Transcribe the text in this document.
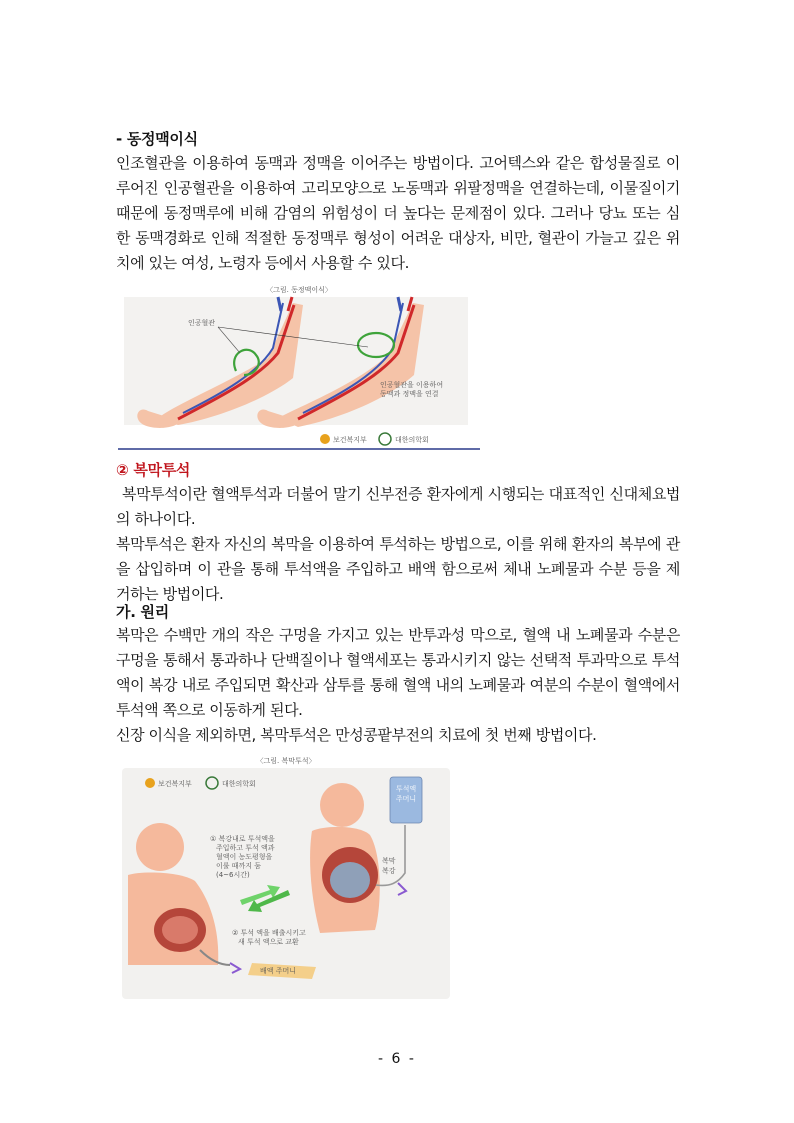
- 동정맥이식

인조혈관을 이용하여 동맥과 정맥을 이어주는 방법이다. 고어텍스와 같은 합성물질로 이루어진 인공혈관을 이용하여 고리모양으로 노동맥과 위팔정맥을 연결하는데, 이물질이기 때문에 동정맥루에 비해 감염의 위험성이 더 높다는 문제점이 있다. 그러나 당뇨 또는 심한 동맥경화로 인해 적절한 동정맥루 형성이 어려운 대상자, 비만, 혈관이 가늘고 깊은 위치에 있는 여성, 노령자 등에서 사용할 수 있다.

〈그림. 동정맥이식〉
인공혈관
인공혈관을 이용하여
동맥과 정맥을 연결
보건복지부	대한의학회
② 복막투석

복막투석이란 혈액투석과 더불어 말기 신부전증 환자에게 시행되는 대표적인 신대체요법의 하나이다.

복막투석은 환자 자신의 복막을 이용하여 투석하는 방법으로, 이를 위해 환자의 복부에 관을 삽입하며 이 관을 통해 투석액을 주입하고 배액 함으로써 체내 노폐물과 수분 등을 제거하는 방법이다.

가. 원리

복막은 수백만 개의 작은 구멍을 가지고 있는 반투과성 막으로, 혈액 내 노폐물과 수분은 구멍을 통해서 통과하나 단백질이나 혈액세포는 통과시키지 않는 선택적 투과막으로 투석액이 복강 내로 주입되면 확산과 삼투를 통해 혈액 내의 노폐물과 여분의 수분이 혈액에서 투석액 쪽으로 이동하게 된다.

신장 이식을 제외하면, 복막투석은 만성콩팥부전의 치료에 첫 번째 방법이다.

〈그림. 복막투석〉
보건복지부	대한의학회
배액 주머니
① 복강내로 투석액을
주입하고 투석 액과
혈액이 농도평형을
이룰 때까지 둠
(4~6시간)
② 투석 액을 배출시키고
새 투석 액으로 교환
복막
복강
투석액
주머니
- 6 -
